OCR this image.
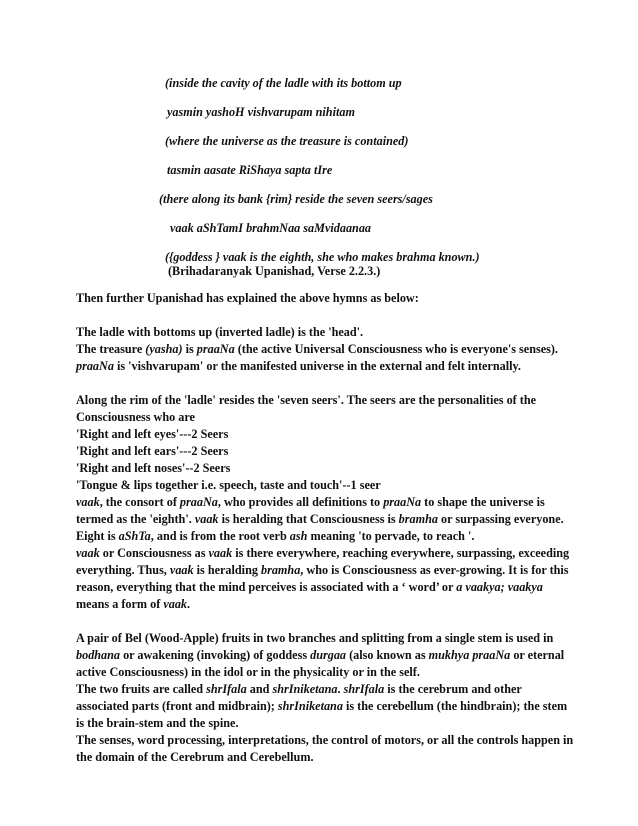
(inside the cavity of the ladle with its bottom up
yasmin yashoH vishvarupam nihitam
(where the universe as the treasure is contained)
tasmin aasate RiShaya sapta tIre
(there along its bank {rim} reside the seven seers/sages
vaak aShTamI brahmNaa saMvidaanaa
({goddess } vaak is the eighth, she who makes brahma known.)
(Brihadaranyak Upanishad, Verse 2.2.3.)

Then further Upanishad has explained the above hymns as below:

The ladle with bottoms up (inverted ladle) is the 'head'.
The treasure (yasha) is praaNa (the active Universal Consciousness who is everyone's senses).
praaNa is 'vishvarupam' or the manifested universe in the external and felt internally.

Along the rim of the 'ladle' resides the 'seven seers'. The seers are the personalities of the Consciousness who are
'Right and left eyes'---2 Seers
'Right and left ears'---2 Seers
'Right and left noses'--2 Seers
'Tongue & lips together i.e. speech, taste and touch'--1 seer
vaak, the consort of praaNa, who provides all definitions to praaNa to shape the universe is termed as the 'eighth'. vaak is heralding that Consciousness is bramha or surpassing everyone. Eight is aShTa, and is from the root verb ash meaning 'to pervade, to reach '.
vaak or Consciousness as vaak is there everywhere, reaching everywhere, surpassing, exceeding everything. Thus, vaak is heralding bramha, who is Consciousness as ever-growing. It is for this reason, everything that the mind perceives is associated with a ‘ word’ or a vaakya; vaakya means a form of vaak.

A pair of Bel (Wood-Apple) fruits in two branches and splitting from a single stem is used in bodhana or awakening (invoking) of goddess durgaa (also known as mukhya praaNa or eternal active Consciousness) in the idol or in the physicality or in the self.
The two fruits are called shrIfala and shrIniketana. shrIfala is the cerebrum and other associated parts (front and midbrain); shrIniketana is the cerebellum (the hindbrain); the stem is the brain-stem and the spine.
The senses, word processing, interpretations, the control of motors, or all the controls happen in the domain of the Cerebrum and Cerebellum.
